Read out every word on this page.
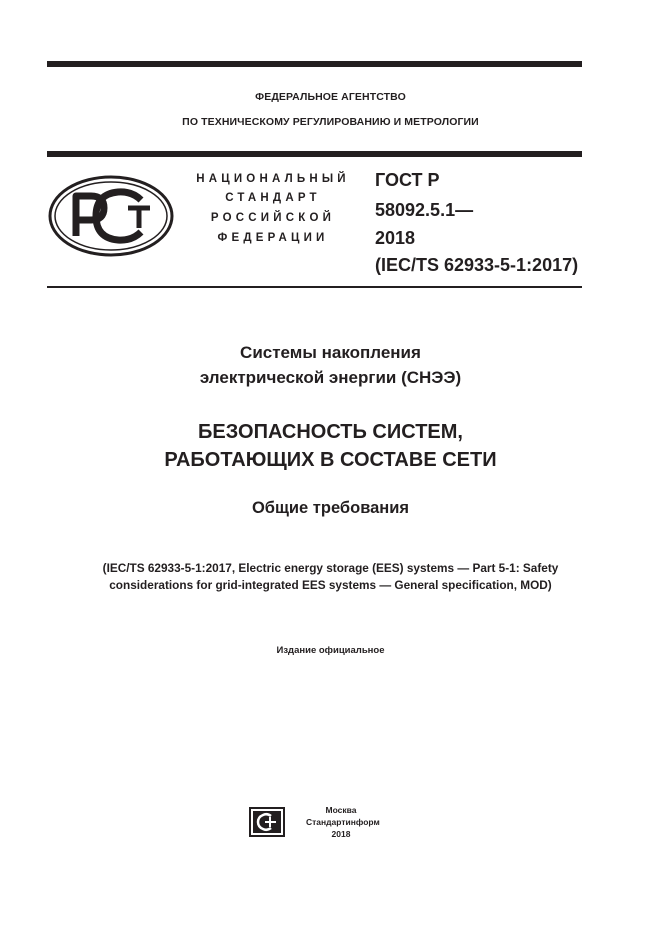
ФЕДЕРАЛЬНОЕ АГЕНТСТВО
ПО ТЕХНИЧЕСКОМУ РЕГУЛИРОВАНИЮ И МЕТРОЛОГИИ
НАЦИОНАЛЬНЫЙ
СТАНДАРТ
РОССИЙСКОЙ
ФЕДЕРАЦИИ
ГОСТ Р
58092.5.1—
2018
(IEC/TS 62933-5-1:2017)
Системы накопления
электрической энергии (СНЭЭ)
БЕЗОПАСНОСТЬ СИСТЕМ,
РАБОТАЮЩИХ В СОСТАВЕ СЕТИ
Общие требования
(IEC/TS 62933-5-1:2017, Electric energy storage (EES) systems — Part 5-1: Safety
considerations for grid-integrated EES systems — General specification, MOD)
Издание официальное
Москва
Стандартинформ
2018
